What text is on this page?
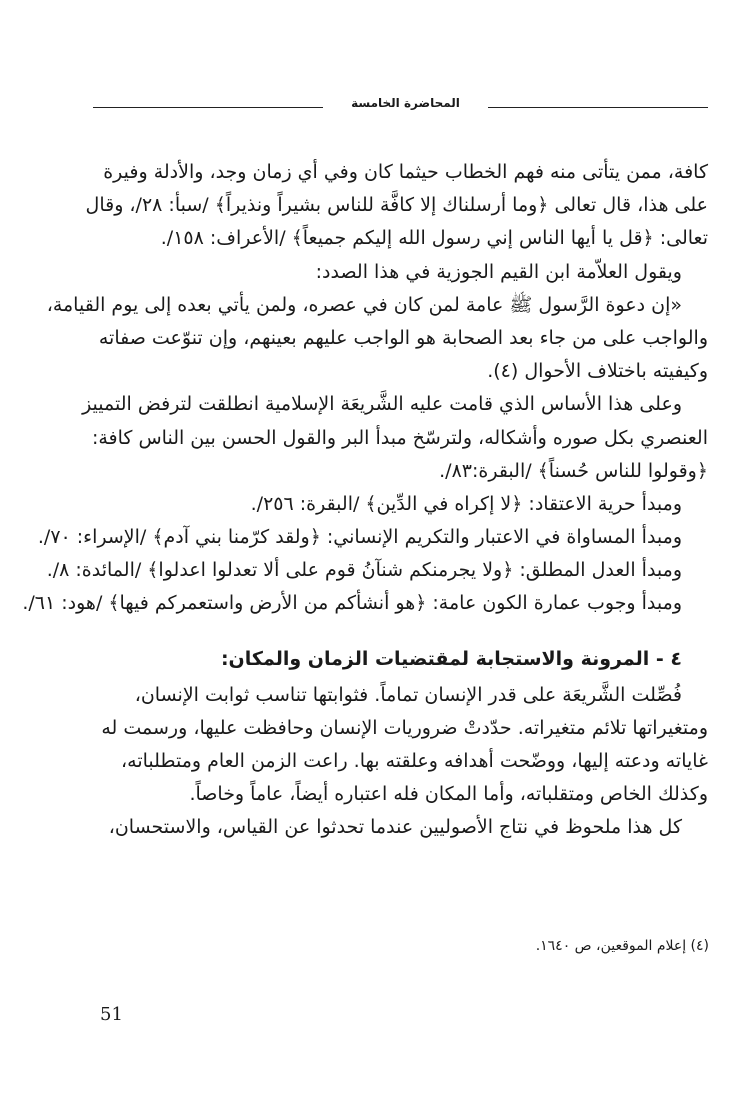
المحاضرة الخامسة
كافة، ممن يتأتى منه فهم الخطاب حيثما كان وفي أي زمان وجد، والأدلة وفيرة
على هذا، قال تعالى ﴿وما أرسلناك إلا كافَّة للناس بشيراً ونذيراً﴾ /سبأ: ٢٨/، وقال
تعالى: ﴿قل يا أيها الناس إني رسول الله إليكم جميعاً﴾ /الأعراف: ١٥٨/.
ويقول العلاّمة ابن القيم الجوزية في هذا الصدد:
«إن دعوة الرَّسول ﷺ عامة لمن كان في عصره، ولمن يأتي بعده إلى يوم القيامة،
والواجب على من جاء بعد الصحابة هو الواجب عليهم بعينهم، وإن تنوّعت صفاته
وكيفيته باختلاف الأحوال (٤).
وعلى هذا الأساس الذي قامت عليه الشَّريعَة الإسلامية انطلقت لترفض التمييز
العنصري بكل صوره وأشكاله، ولترسّخ مبدأ البر والقول الحسن بين الناس كافة:
﴿وقولوا للناس حُسناً﴾ /البقرة:٨٣/.
ومبدأ حرية الاعتقاد: ﴿لا إكراه في الدِّين﴾ /البقرة: ٢٥٦/.
ومبدأ المساواة في الاعتبار والتكريم الإنساني: ﴿ولقد كرّمنا بني آدم﴾ /الإسراء: ٧٠/.
ومبدأ العدل المطلق: ﴿ولا يجرمنكم شنآنُ قوم على ألا تعدلوا اعدلوا﴾ /المائدة: ٨/.
ومبدأ وجوب عمارة الكون عامة: ﴿هو أنشأكم من الأرض واستعمركم فيها﴾ /هود: ٦١/.
٤ - المرونة والاستجابة لمقتضيات الزمان والمكان:
فُصِّلت الشَّريعَة على قدر الإنسان تماماً. فثوابتها تناسب ثوابت الإنسان،
ومتغيراتها تلائم متغيراته. حدّدتْ ضروريات الإنسان وحافظت عليها، ورسمت له
غاياته ودعته إليها، ووضّحت أهدافه وعلقته بها. راعت الزمن العام ومتطلباته،
وكذلك الخاص ومتقلباته، وأما المكان فله اعتباره أيضاً، عاماً وخاصاً.
كل هذا ملحوظ في نتاج الأصوليين عندما تحدثوا عن القياس، والاستحسان،
(٤) إعلام الموقعين، ص ١٦٤٠.
51
